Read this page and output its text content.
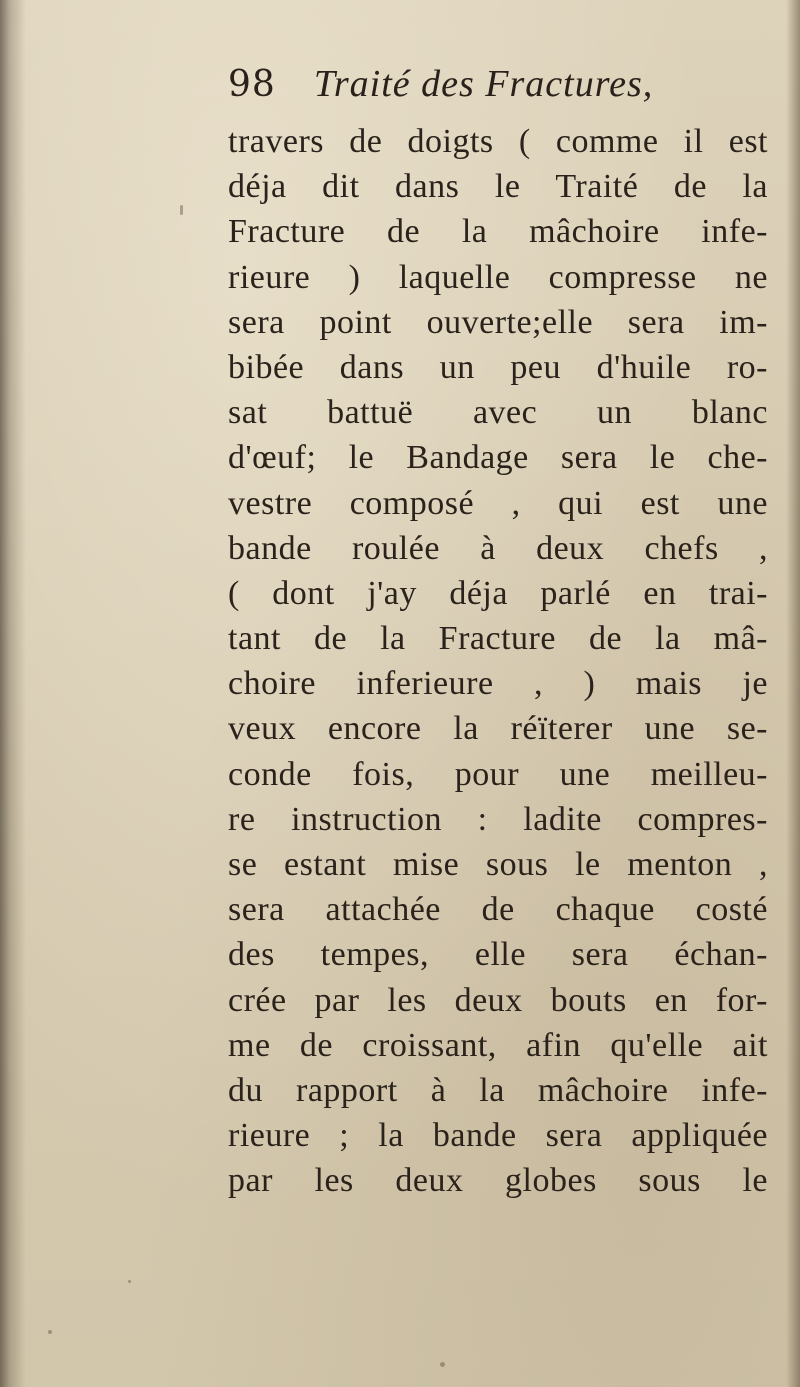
98 Traité des Fractures,
travers de doigts ( comme il est
déja dit dans le Traité de la
Fracture de la mâchoire infe-
rieure ) laquelle compresse ne
sera point ouverte;elle sera im-
bibée dans un peu d'huile ro-
sat battuë avec un blanc
d'œuf; le Bandage sera le che-
vestre composé , qui est une
bande roulée à deux chefs ,
( dont j'ay déja parlé en trai-
tant de la Fracture de la mâ-
choire inferieure , ) mais je
veux encore la réïterer une se-
conde fois, pour une meilleu-
re instruction : ladite compres-
se estant mise sous le menton ,
sera attachée de chaque costé
des tempes, elle sera échan-
crée par les deux bouts en for-
me de croissant, afin qu'elle ait
du rapport à la mâchoire infe-
rieure ; la bande sera appliquée
par les deux globes sous le
